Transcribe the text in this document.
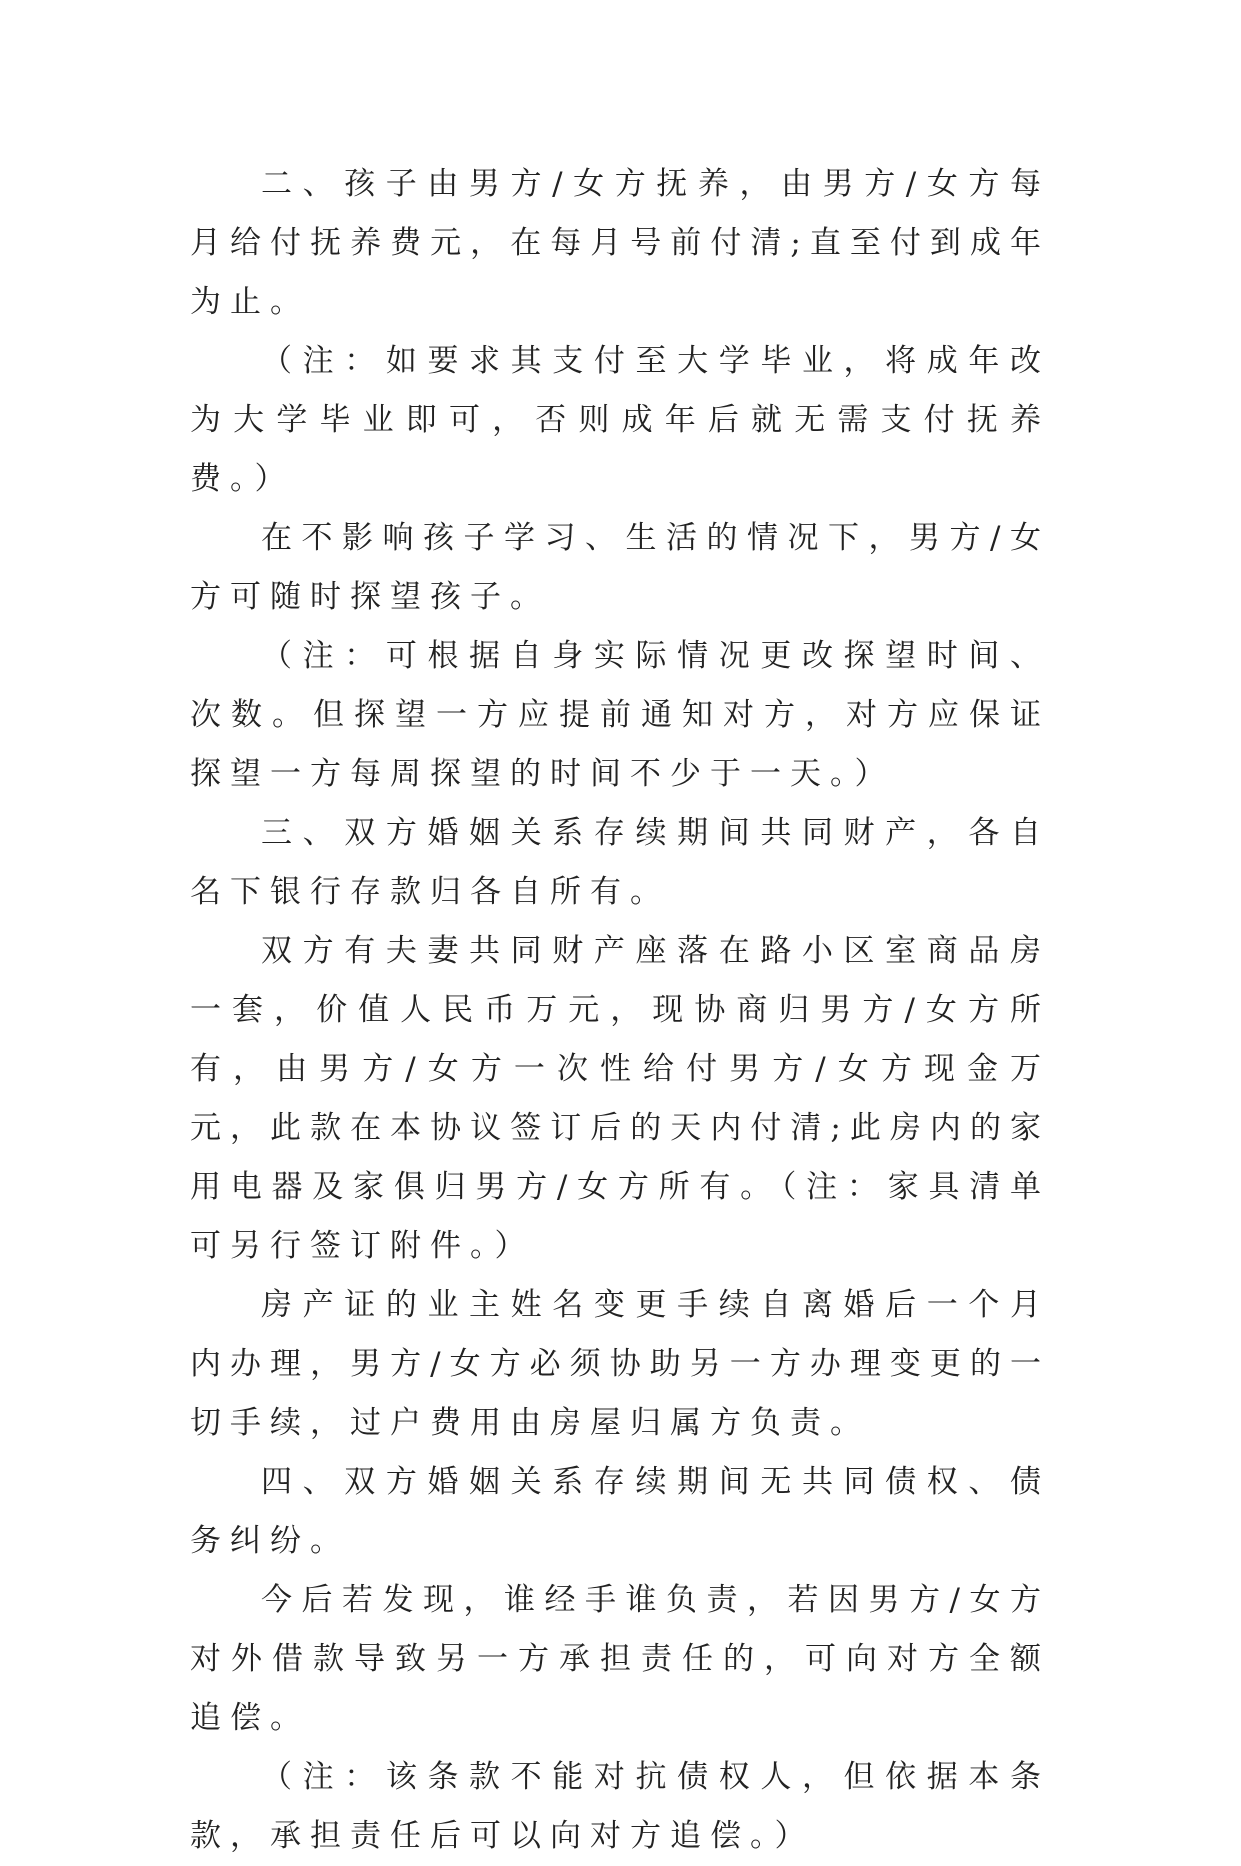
二、孩子由男方/女方抚养，由男方/女方每月给付抚养费元，在每月号前付清;直至付到成年为止。

（注：如要求其支付至大学毕业，将成年改为大学毕业即可，否则成年后就无需支付抚养费。）

在不影响孩子学习、生活的情况下，男方/女方可随时探望孩子。

（注：可根据自身实际情况更改探望时间、次数。但探望一方应提前通知对方，对方应保证探望一方每周探望的时间不少于一天。）

三、双方婚姻关系存续期间共同财产，各自名下银行存款归各自所有。

双方有夫妻共同财产座落在路小区室商品房一套，价值人民币万元，现协商归男方/女方所有，由男方/女方一次性给付男方/女方现金万元，此款在本协议签订后的天内付清;此房内的家用电器及家俱归男方/女方所有。（注：家具清单可另行签订附件。）

房产证的业主姓名变更手续自离婚后一个月内办理，男方/女方必须协助另一方办理变更的一切手续，过户费用由房屋归属方负责。

四、双方婚姻关系存续期间无共同债权、债务纠纷。

今后若发现，谁经手谁负责，若因男方/女方对外借款导致另一方承担责任的，可向对方全额追偿。

（注：该条款不能对抗债权人，但依据本条款，承担责任后可以向对方追偿。）
